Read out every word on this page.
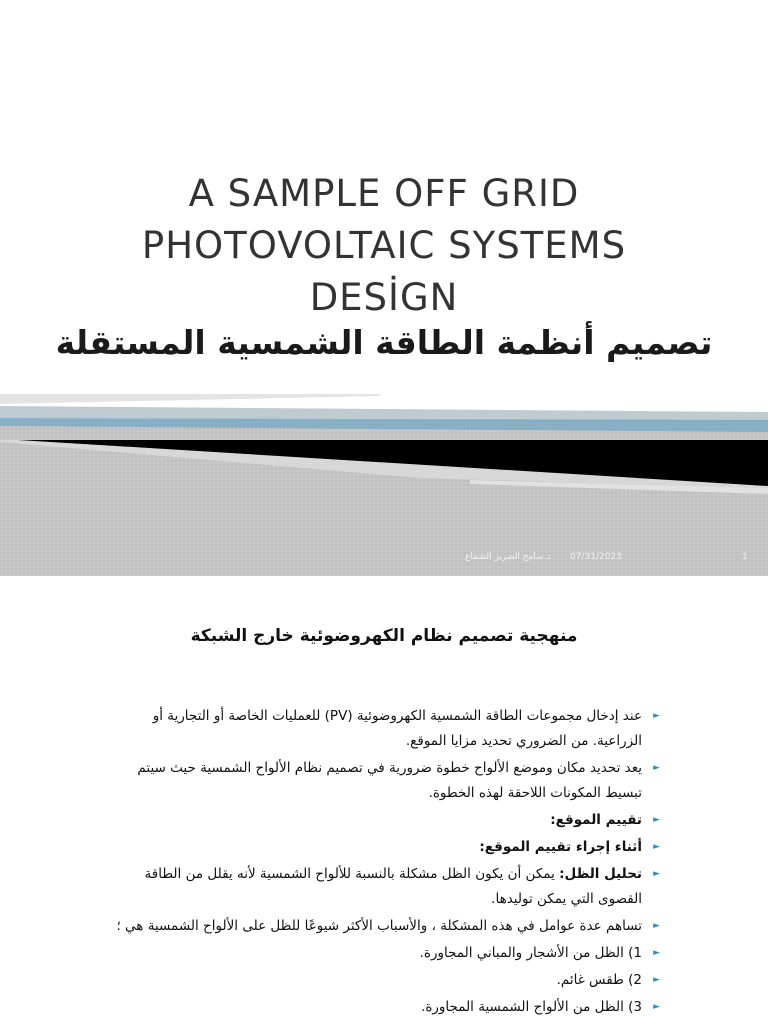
A SAMPLE OFF GRID
PHOTOVOLTAIC SYSTEMS
DESİGN
تصميم أنظمة الطاقة الشمسية المستقلة
د.سامح الضرير الشماع 07/31/2023	1
منهجية تصميم نظام الكهروضوئية خارج الشبكة
►
عند إدخال مجموعات الطاقة الشمسية الكهروضوئية (PV) للعمليات الخاصة أو التجارية أو الزراعية. من الضروري تحديد مزايا الموقع.
►
يعد تحديد مكان وموضع الألواح خطوة ضرورية في تصميم نظام الألواح الشمسية حيث سيتم تبسيط المكونات اللاحقة لهذه الخطوة.
►
تقييم الموقع:
►
أثناء إجراء تقييم الموقع:
►
تحليل الظل: يمكن أن يكون الظل مشكلة بالنسبة للألواح الشمسية لأنه يقلل من الطاقة القصوى التي يمكن توليدها.
►
تساهم عدة عوامل في هذه المشكلة ، والأسباب الأكثر شيوعًا للظل على الألواح الشمسية هي ؛
►
1) الظل من الأشجار والمباني المجاورة.
►
2) طقس غائم.
►
3) الظل من الألواح الشمسية المجاورة.
